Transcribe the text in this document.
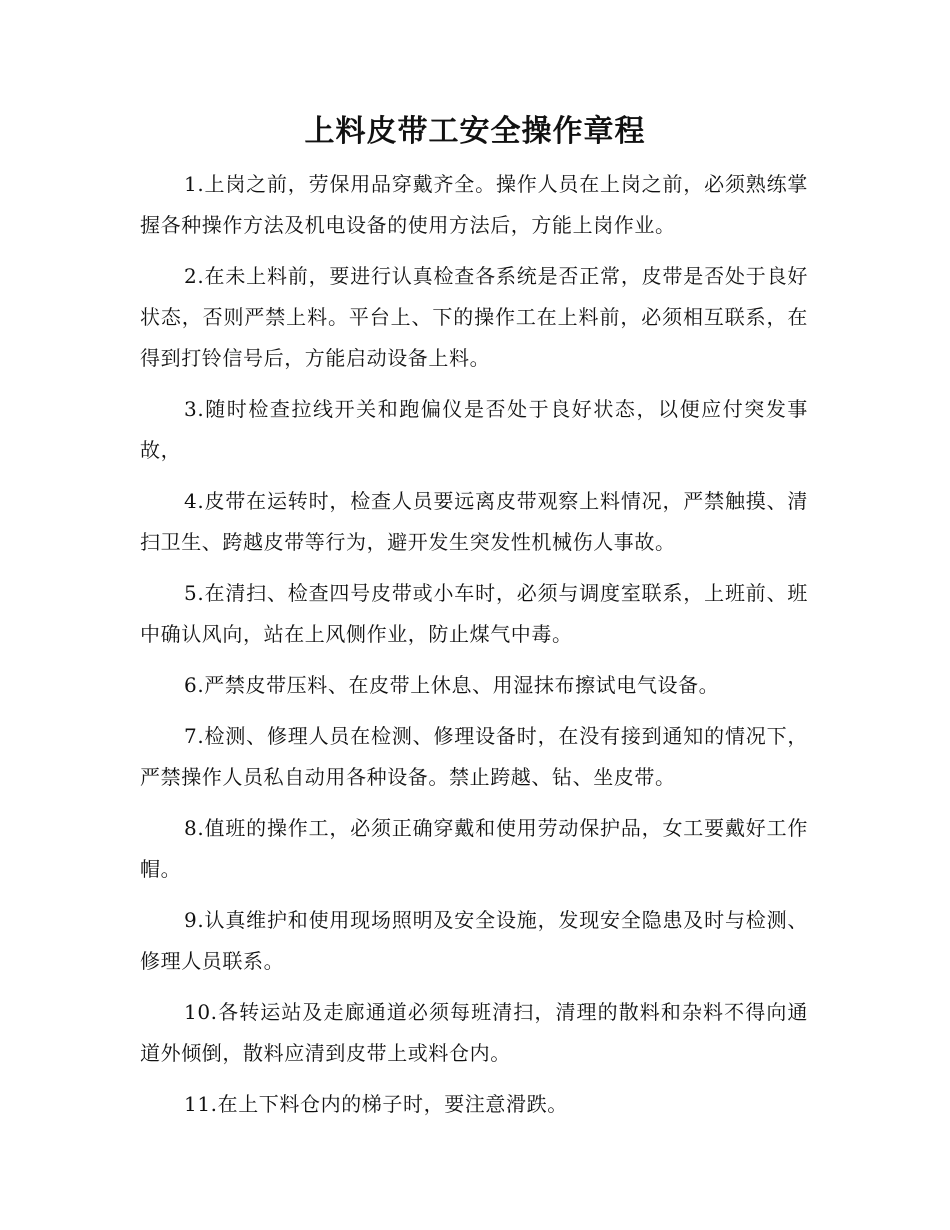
上料皮带工安全操作章程

1.上岗之前，劳保用品穿戴齐全。操作人员在上岗之前，必须熟练掌握各种操作方法及机电设备的使用方法后，方能上岗作业。

2.在未上料前，要进行认真检查各系统是否正常，皮带是否处于良好状态，否则严禁上料。平台上、下的操作工在上料前，必须相互联系，在得到打铃信号后，方能启动设备上料。

3.随时检查拉线开关和跑偏仪是否处于良好状态，以便应付突发事故，

4.皮带在运转时，检查人员要远离皮带观察上料情况，严禁触摸、清扫卫生、跨越皮带等行为，避开发生突发性机械伤人事故。

5.在清扫、检查四号皮带或小车时，必须与调度室联系，上班前、班中确认风向，站在上风侧作业，防止煤气中毒。

6.严禁皮带压料、在皮带上休息、用湿抹布擦试电气设备。

7.检测、修理人员在检测、修理设备时，在没有接到通知的情况下，严禁操作人员私自动用各种设备。禁止跨越、钻、坐皮带。

8.值班的操作工，必须正确穿戴和使用劳动保护品，女工要戴好工作帽。

9.认真维护和使用现场照明及安全设施，发现安全隐患及时与检测、修理人员联系。

10.各转运站及走廊通道必须每班清扫，清理的散料和杂料不得向通道外倾倒，散料应清到皮带上或料仓内。

11.在上下料仓内的梯子时，要注意滑跌。
